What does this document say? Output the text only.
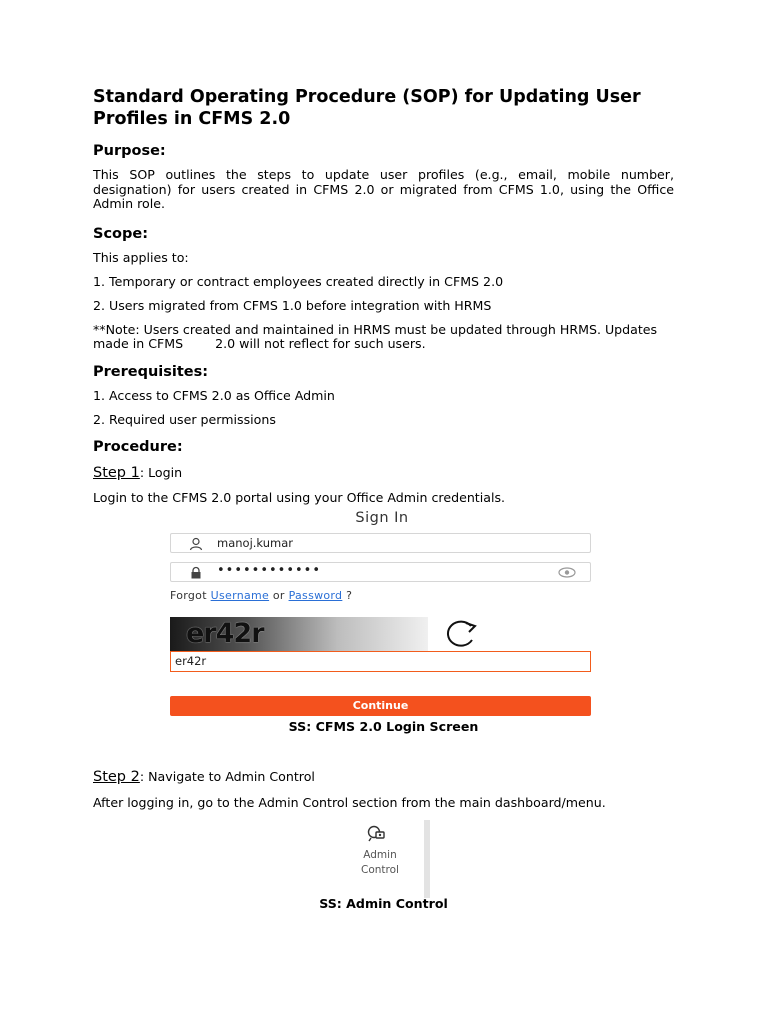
Standard Operating Procedure (SOP) for Updating User Profiles in CFMS 2.0
Purpose:

This SOP outlines the steps to update user profiles (e.g., email, mobile number, designation) for users created in CFMS 2.0 or migrated from CFMS 1.0, using the Office Admin role.

Scope:

This applies to:

1. Temporary or contract employees created directly in CFMS 2.0

2. Users migrated from CFMS 1.0 before integration with HRMS

**Note: Users created and maintained in HRMS must be updated through HRMS. Updates made in CFMS        2.0 will not reflect for such users.

Prerequisites:

1. Access to CFMS 2.0 as Office Admin

2. Required user permissions

Procedure:
Step 1: Login

Login to the CFMS 2.0 portal using your Office Admin credentials.

Sign In
manoj.kumar
••••••••••••
Forgot Username or Password ?
er42r
er42r
Continue
SS: CFMS 2.0 Login Screen
Step 2: Navigate to Admin Control

After logging in, go to the Admin Control section from the main dashboard/menu.

Admin
Control
SS: Admin Control
